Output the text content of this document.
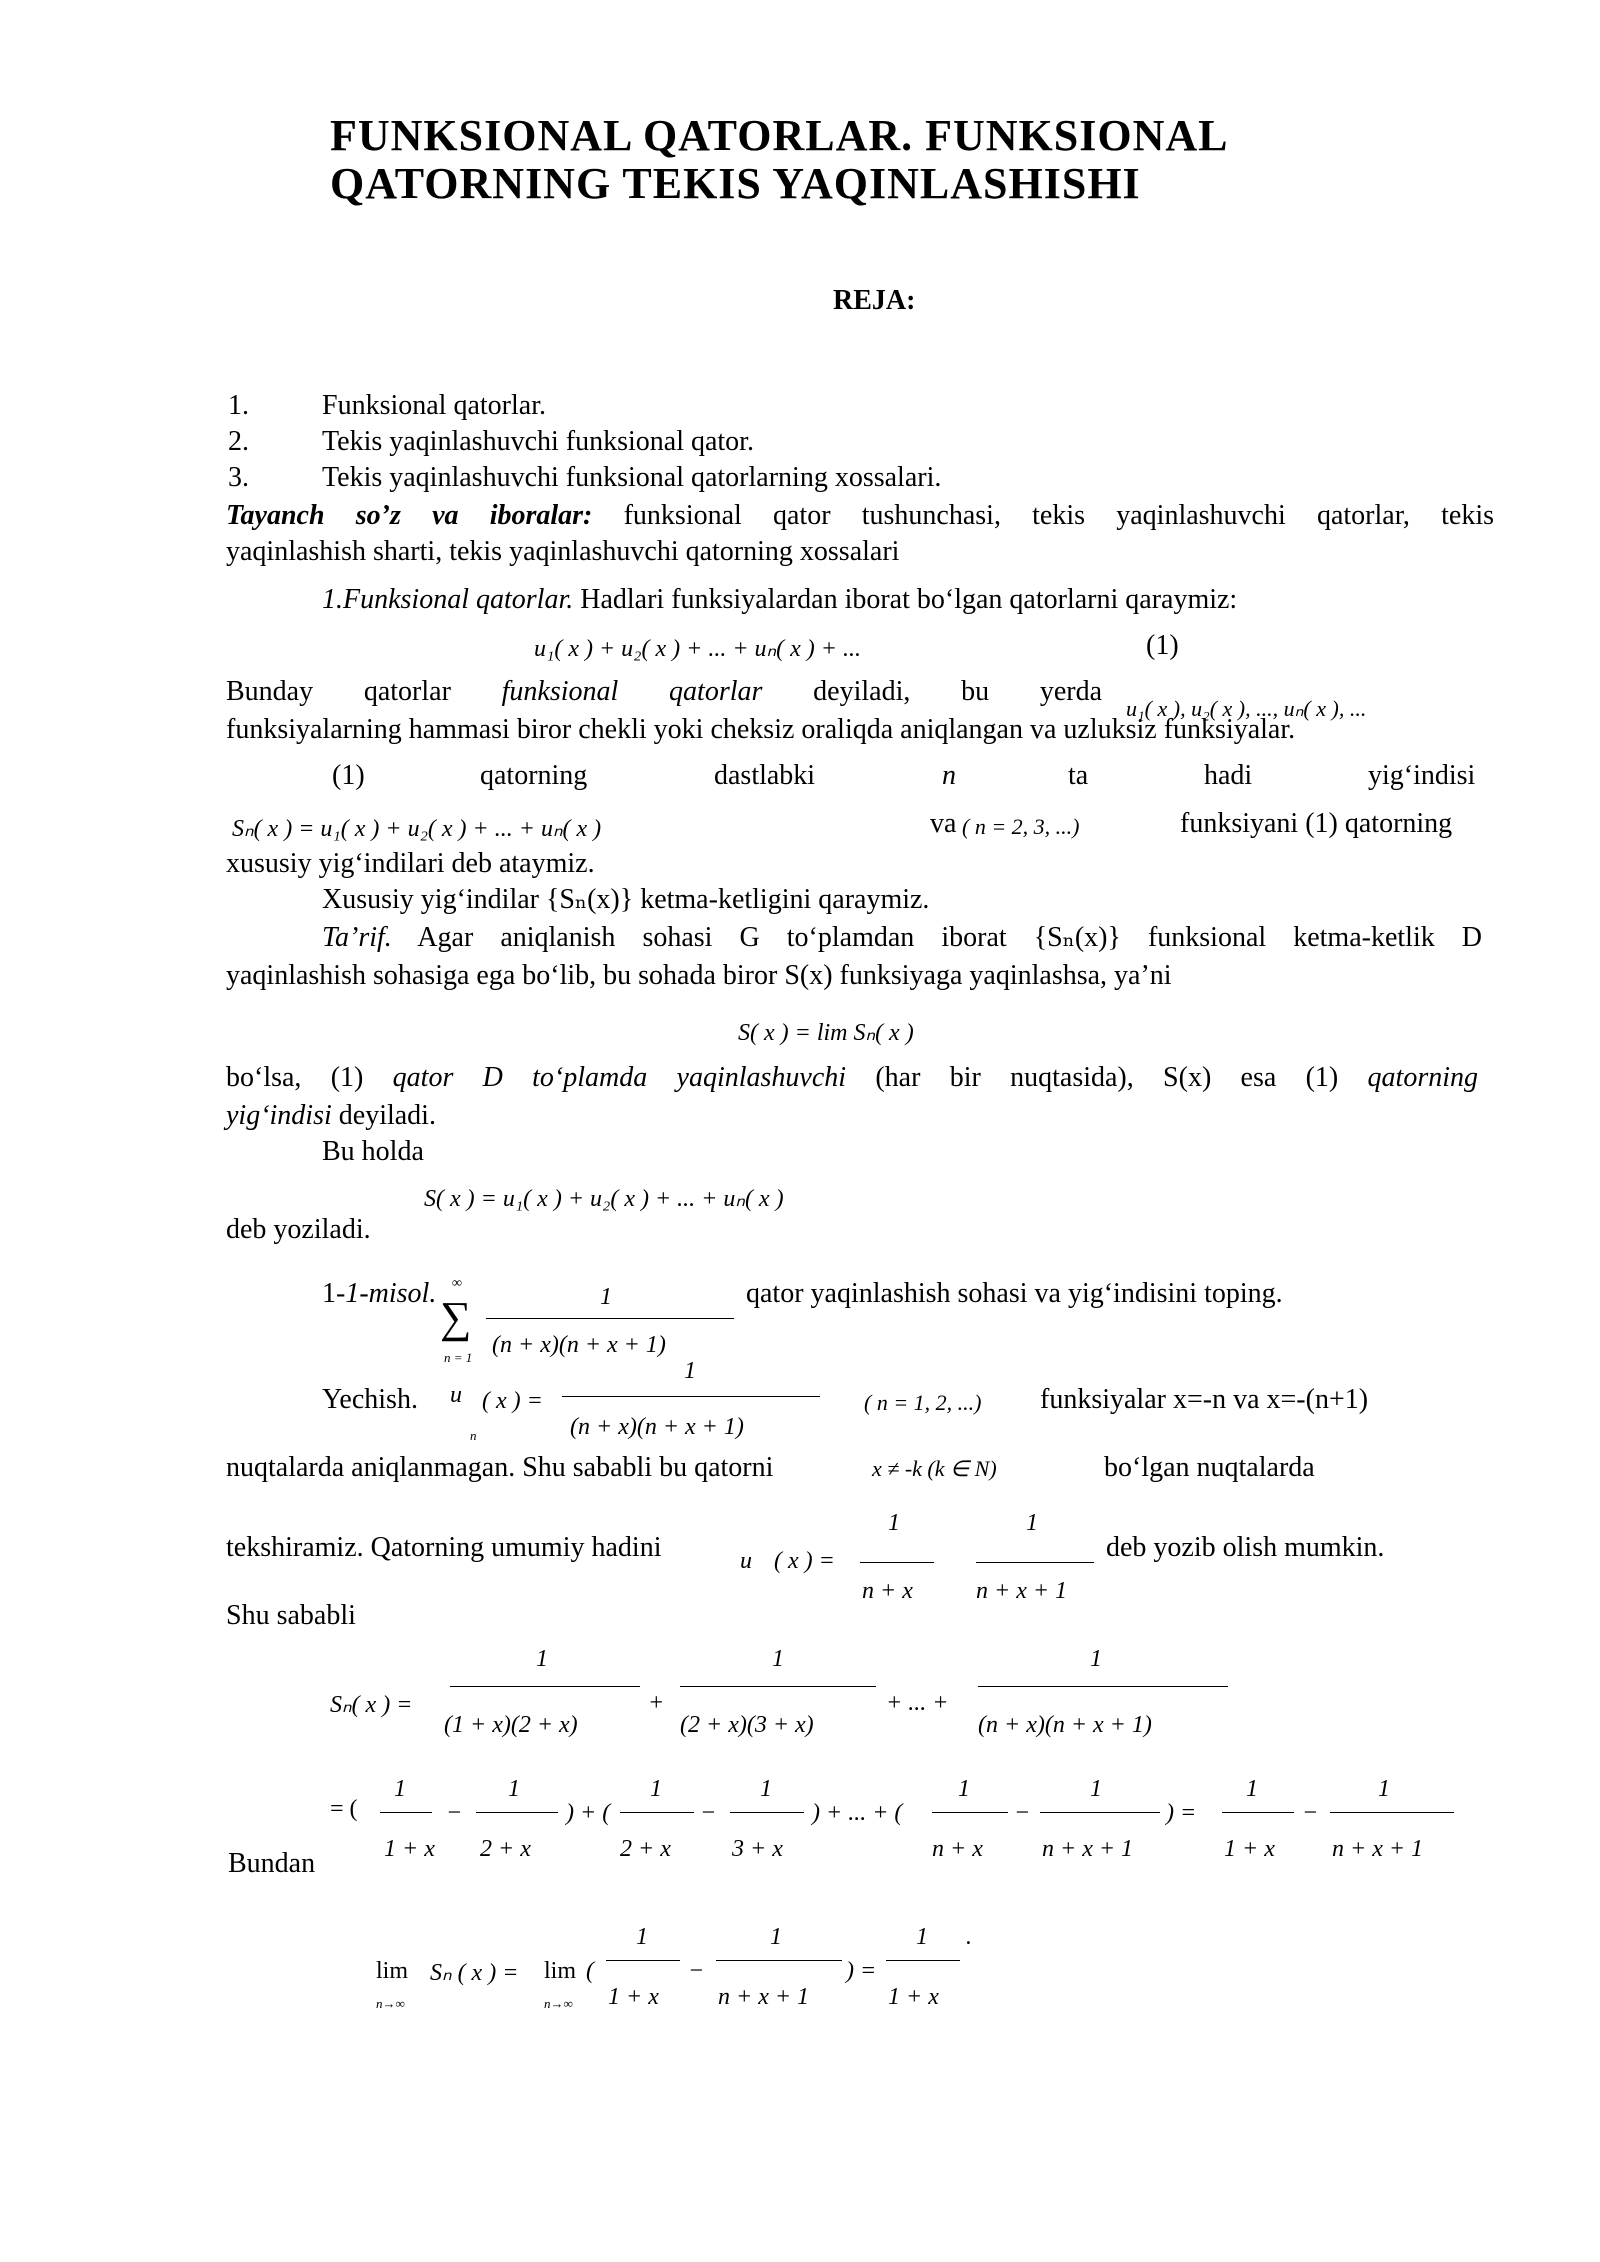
FUNKSIONAL QATORLAR. FUNKSIONAL
QATORNING TEKIS YAQINLASHISHI
REJA:
1.	Funksional qatorlar.
2.	Tekis yaqinlashuvchi funksional qator.
3.	Tekis yaqinlashuvchi funksional qatorlarning xossalari.
Tayanch so’z va iboralar: funksional qator tushunchasi, tekis yaqinlashuvchi qatorlar, tekis
yaqinlashish sharti, tekis yaqinlashuvchi qatorning xossalari
1.Funksional qatorlar. Hadlari funksiyalardan iborat bo‘lgan qatorlarni qaraymiz:
u₁( x ) + u₂( x ) + ... + uₙ( x ) + ...	(1)
Bunday qatorlar funksional qatorlar deyiladi, bu yerda
u₁( x ), u₂( x ), ..., uₙ( x ), ...
funksiyalarning hammasi biror chekli yoki cheksiz oraliqda aniqlangan va uzluksiz funksiyalar.
(1)	qatorning	dastlabki	n	ta	hadi	yig‘indisi
Sₙ( x ) = u₁( x ) + u₂( x ) + ... + uₙ( x )	va ( n = 2, 3, ...)	funksiyani (1) qatorning
xususiy yig‘indilari deb ataymiz.
Xususiy yig‘indilar {Sₙ(x)} ketma-ketligini qaraymiz.
Ta’rif. Agar aniqlanish sohasi G to‘plamdan iborat {Sₙ(x)} funksional ketma-ketlik D
yaqinlashish sohasiga ega bo‘lib, bu sohada biror S(x) funksiyaga yaqinlashsa, ya’ni
S( x ) = lim Sₙ( x )
bo‘lsa, (1) qator D to‘plamda yaqinlashuvchi (har bir nuqtasida), S(x) esa (1) qatorning
yig‘indisi deyiladi.
Bu holda
S( x ) = u₁( x ) + u₂( x ) + ... + uₙ( x )
deb yoziladi.
1-1-misol. ∞
∑
n = 1
1
(n + x)(n + x + 1)
qator yaqinlashish sohasi va yig‘indisini toping.
Yechish. u
n
( x ) =
1
(n + x)(n + x + 1)
( n = 1, 2, ...) funksiyalar x=-n va x=-(n+1)
nuqtalarda aniqlanmagan. Shu sababli bu qatorni	x ≠ -k (k ∈ N)	bo‘lgan nuqtalarda
tekshiramiz. Qatorning umumiy hadini	u ( x ) =
1
n + x
1
n + x + 1
deb yozib olish mumkin.
Shu sababli
Sₙ( x ) =
1
(1 + x)(2 + x)
+
1
(2 + x)(3 + x)
+ ... +
1
(n + x)(n + x + 1)
= (
1
1 + x
−
1
2 + x
) + (
1
2 + x
−
1
3 + x
) + ... + (
1
n + x
−
1
n + x + 1
) =
1
1 + x
−
1
n + x + 1
Bundan
lim
n→∞
Sₙ ( x ) = lim
n→∞
(
1
1 + x
−
1
n + x + 1
) =
1
1 + x
.
